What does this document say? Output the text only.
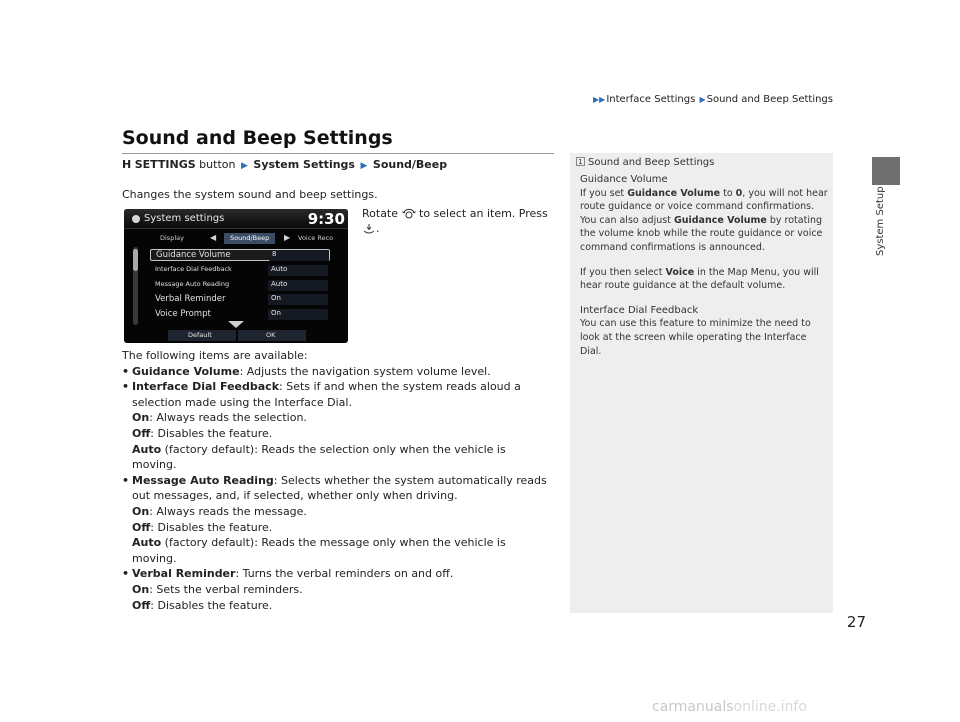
▶▶Interface Settings ▶Sound and Beep Settings
System Setup
Sound and Beep Settings
H SETTINGS button ▶ System Settings ▶ Sound/Beep
Changes the system sound and beep settings.
System settings	9:30
Display	◀	Sound/Beep	▶ Voice Reco
Guidance Volume	8
Interface Dial Feedback	Auto
Message Auto Reading	Auto
Verbal Reminder	On
Voice Prompt	On
Default	OK
Rotate to select an item. Press
.
The following items are available:
• Guidance Volume: Adjusts the navigation system volume level.
• Interface Dial Feedback: Sets if and when the system reads aloud a selection made using the Interface Dial.
On: Always reads the selection.
Off: Disables the feature.
Auto (factory default): Reads the selection only when the vehicle is moving.
• Message Auto Reading: Selects whether the system automatically reads out messages, and, if selected, whether only when driving.
On: Always reads the message.
Off: Disables the feature.
Auto (factory default): Reads the message only when the vehicle is moving.
• Verbal Reminder: Turns the verbal reminders on and off.
On: Sets the verbal reminders.
Off: Disables the feature.
1 Sound and Beep Settings
Guidance Volume
If you set Guidance Volume to 0, you will not hear route guidance or voice command confirmations.
You can also adjust Guidance Volume by rotating the volume knob while the route guidance or voice command confirmations is announced.
If you then select Voice in the Map Menu, you will hear route guidance at the default volume.
Interface Dial Feedback
You can use this feature to minimize the need to look at the screen while operating the Interface Dial.
27
carmanualsonline.info
